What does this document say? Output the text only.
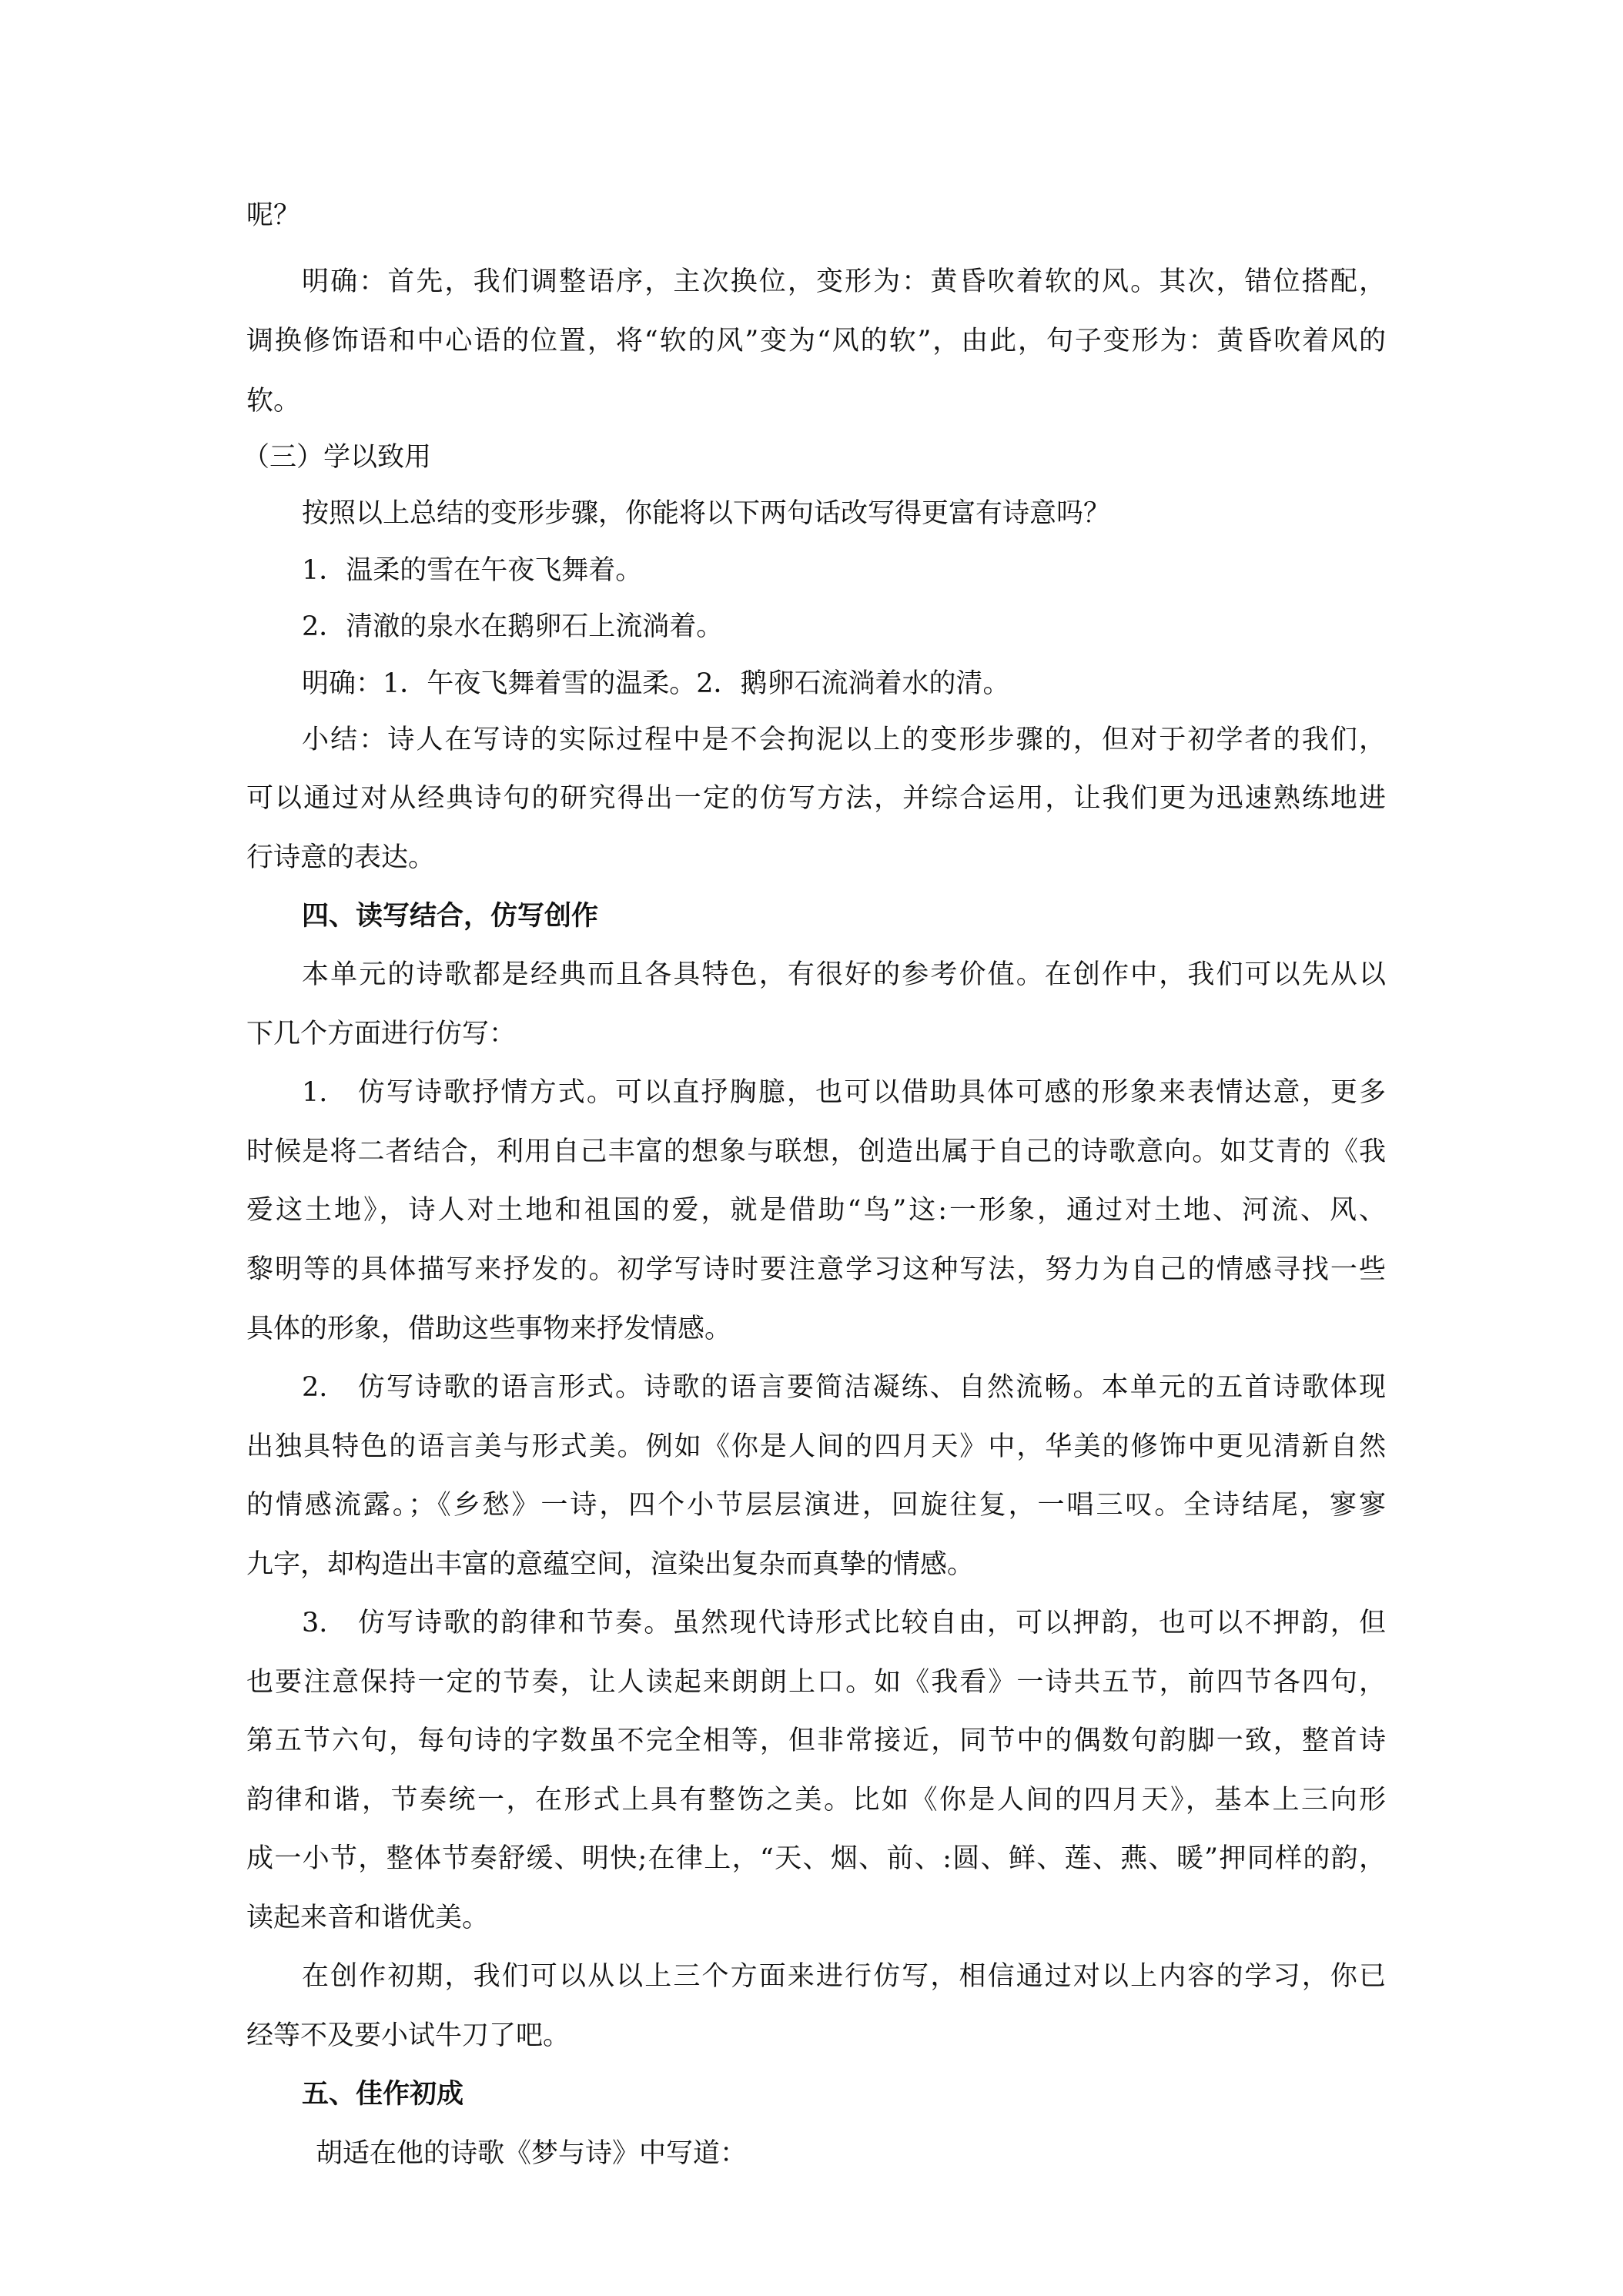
呢？
明确：首先，我们调整语序，主次换位，变形为：黄昏吹着软的风。其次，错位搭配，
调换修饰语和中心语的位置，将“软的风”变为“风的软”，由此，句子变形为：黄昏吹着风的
软。
（三）学以致用
按照以上总结的变形步骤，你能将以下两句话改写得更富有诗意吗？
1．温柔的雪在午夜飞舞着。
2．清澈的泉水在鹅卵石上流淌着。
明确：1．午夜飞舞着雪的温柔。2．鹅卵石流淌着水的清。
小结：诗人在写诗的实际过程中是不会拘泥以上的变形步骤的，但对于初学者的我们，
可以通过对从经典诗句的研究得出一定的仿写方法，并综合运用，让我们更为迅速熟练地进
行诗意的表达。
四、读写结合，仿写创作
本单元的诗歌都是经典而且各具特色，有很好的参考价值。在创作中，我们可以先从以
下几个方面进行仿写：
1.　仿写诗歌抒情方式。可以直抒胸臆，也可以借助具体可感的形象来表情达意，更多
时候是将二者结合，利用自己丰富的想象与联想，创造出属于自己的诗歌意向。如艾青的《我
爱这土地》，诗人对土地和祖国的爱，就是借助“鸟”这:一形象，通过对土地、河流、风、
黎明等的具体描写来抒发的。初学写诗时要注意学习这种写法，努力为自己的情感寻找一些
具体的形象，借助这些事物来抒发情感。
2.　仿写诗歌的语言形式。诗歌的语言要简洁凝练、自然流畅。本单元的五首诗歌体现
出独具特色的语言美与形式美。例如《你是人间的四月天》中，华美的修饰中更见清新自然
的情感流露。；《乡愁》一诗，四个小节层层演进，回旋往复，一唱三叹。全诗结尾，寥寥
九字，却构造出丰富的意蕴空间，渲染出复杂而真挚的情感。
3.　仿写诗歌的韵律和节奏。虽然现代诗形式比较自由，可以押韵，也可以不押韵，但
也要注意保持一定的节奏，让人读起来朗朗上口。如《我看》一诗共五节，前四节各四句，
第五节六句，每句诗的字数虽不完全相等，但非常接近，同节中的偶数句韵脚一致，整首诗
韵律和谐，节奏统一，在形式上具有整饬之美。比如《你是人间的四月天》，基本上三向形
成一小节，整体节奏舒缓、明快;在律上，“天、烟、前、:圆、鲜、莲、燕、暖”押同样的韵，
读起来音和谐优美。
在创作初期，我们可以从以上三个方面来进行仿写，相信通过对以上内容的学习，你已
经等不及要小试牛刀了吧。
五、佳作初成
胡适在他的诗歌《梦与诗》中写道：
